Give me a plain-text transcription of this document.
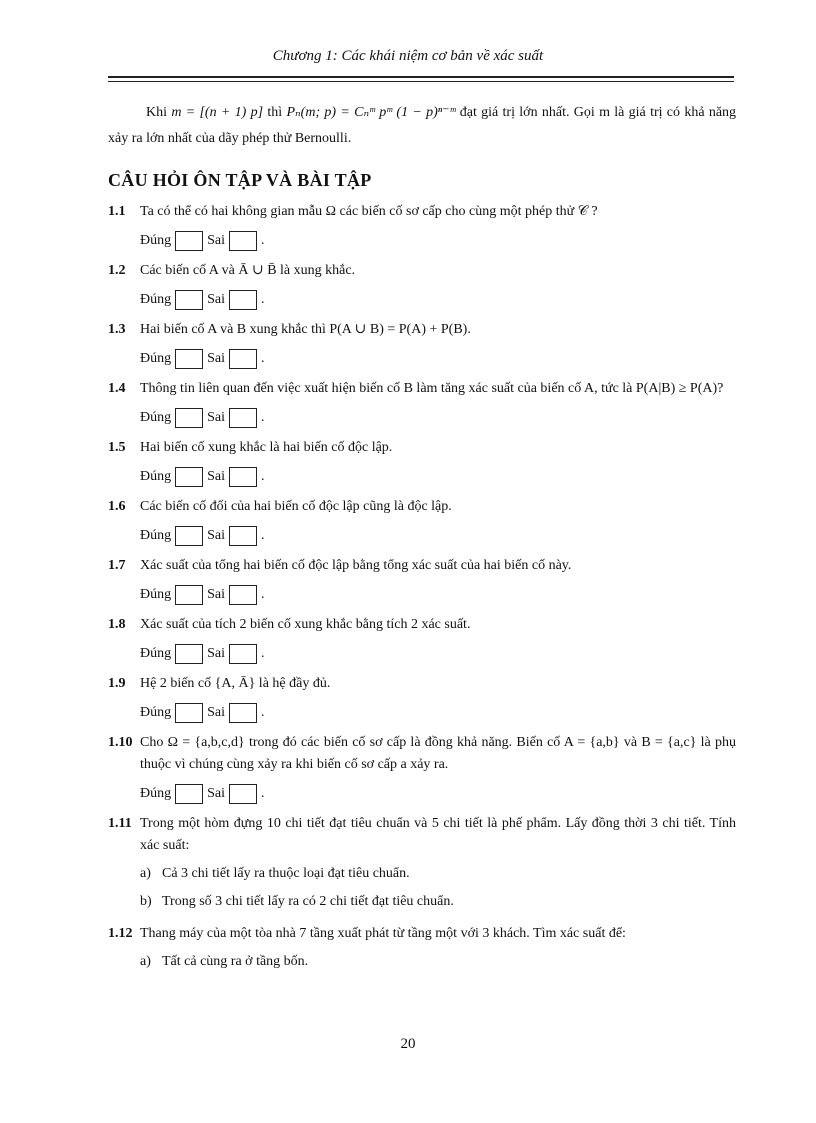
Chương 1: Các khái niệm cơ bản về xác suất

Khi m = [(n + 1) p] thì Pₙ(m; p) = Cₙᵐ pᵐ (1 − p)ⁿ⁻ᵐ đạt giá trị lớn nhất. Gọi m là giá trị có khả năng xảy ra lớn nhất của dãy phép thử Bernoulli.

CÂU HỎI ÔN TẬP VÀ BÀI TẬP
1.1	Ta có thể có hai không gian mẫu Ω các biến cố sơ cấp cho cùng một phép thử 𝒞 ?
Đúng	Sai	.
1.2	Các biến cố A và Ā ∪ B̄ là xung khắc.
Đúng	Sai	.
1.3	Hai biến cố A và B xung khắc thì P(A ∪ B) = P(A) + P(B).
Đúng	Sai	.
1.4	Thông tin liên quan đến việc xuất hiện biến cố B làm tăng xác suất của biến cố A, tức là P(A|B) ≥ P(A)?
Đúng	Sai	.
1.5	Hai biến cố xung khắc là hai biến cố độc lập.
Đúng	Sai	.
1.6	Các biến cố đối của hai biến cố độc lập cũng là độc lập.
Đúng	Sai	.
1.7	Xác suất của tổng hai biến cố độc lập bằng tổng xác suất của hai biến cố này.
Đúng	Sai	.
1.8	Xác suất của tích 2 biến cố xung khắc bằng tích 2 xác suất.
Đúng	Sai	.
1.9	Hệ 2 biến cố {A, Ā} là hệ đầy đủ.
Đúng	Sai	.
1.10 Cho Ω = {a,b,c,d} trong đó các biến cố sơ cấp là đồng khả năng. Biến cố A = {a,b} và B = {a,c} là phụ thuộc vì chúng cùng xảy ra khi biến cố sơ cấp a xảy ra.
Đúng	Sai	.
1.11 Trong một hòm đựng 10 chi tiết đạt tiêu chuẩn và 5 chi tiết là phế phẩm. Lấy đồng thời 3 chi tiết. Tính xác suất:
a) Cả 3 chi tiết lấy ra thuộc loại đạt tiêu chuẩn.
b) Trong số 3 chi tiết lấy ra có 2 chi tiết đạt tiêu chuẩn.
1.12 Thang máy của một tòa nhà 7 tầng xuất phát từ tầng một với 3 khách. Tìm xác suất để:
a) Tất cả cùng ra ở tầng bốn.
20
